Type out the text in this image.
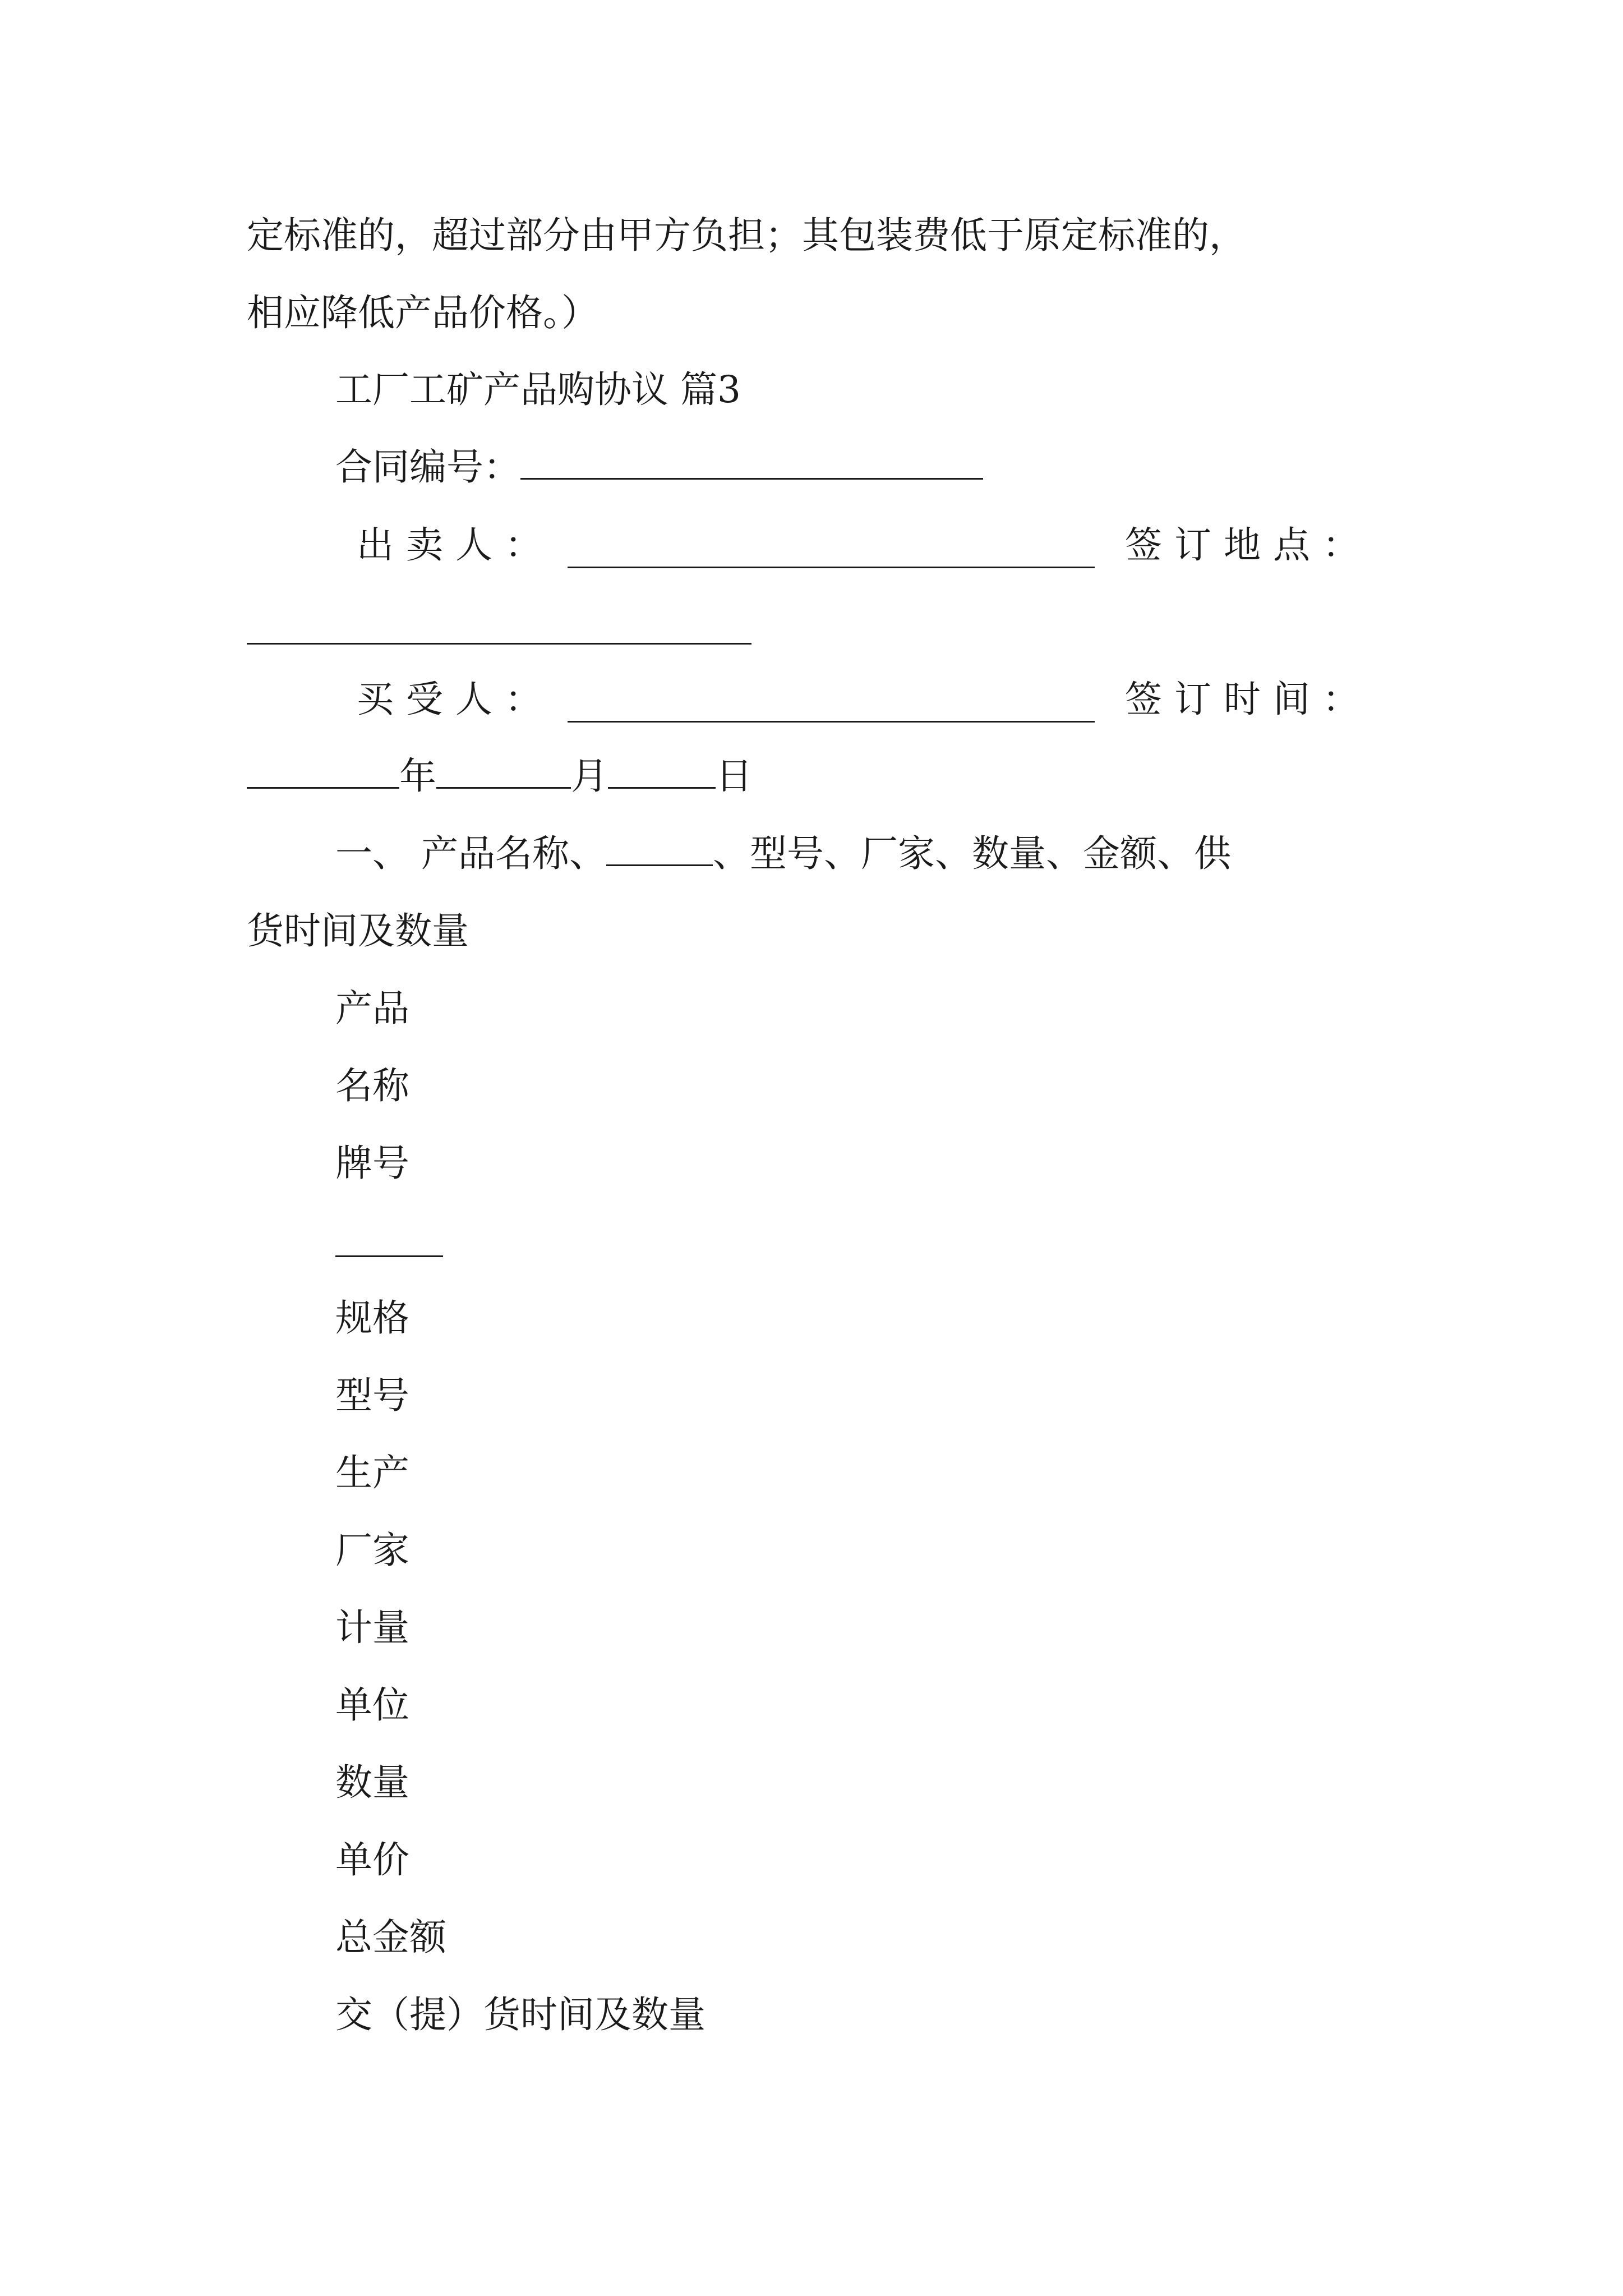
定标准的，超过部分由甲方负担；其包装费低于原定标准的，
相应降低产品价格。）
工厂工矿产品购协议 篇3
合同编号：
出卖人：	签订地点：
买受人：	签订时间：
年	月	日
一、 产品名称、	、型号、厂家、数量、金额、供
货时间及数量
产品
名称
牌号
规格
型号
生产
厂家
计量
单位
数量
单价
总金额
交（提）货时间及数量
